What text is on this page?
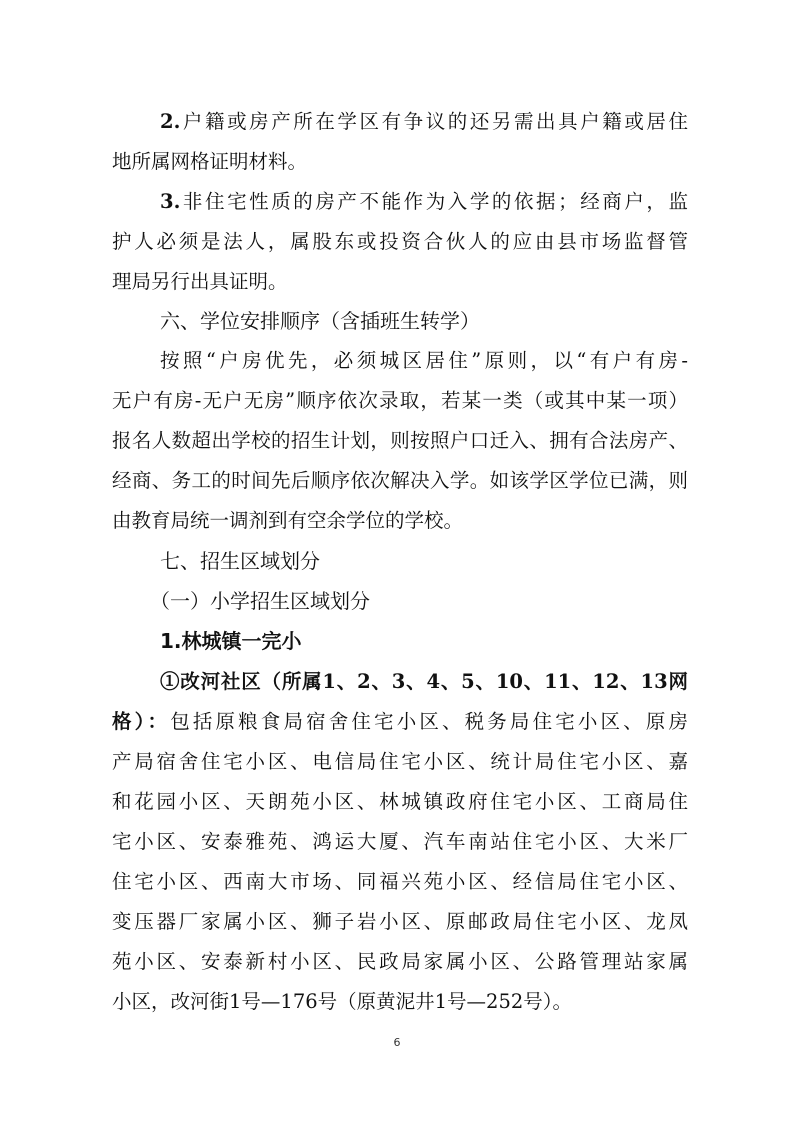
2.户籍或房产所在学区有争议的还另需出具户籍或居住
地所属网格证明材料。
3.非住宅性质的房产不能作为入学的依据；经商户，监
护人必须是法人，属股东或投资合伙人的应由县市场监督管
理局另行出具证明。
六、学位安排顺序（含插班生转学）
按照“户房优先，必须城区居住”原则，以“有户有房-
无户有房-无户无房”顺序依次录取，若某一类（或其中某一项）
报名人数超出学校的招生计划，则按照户口迁入、拥有合法房产、
经商、务工的时间先后顺序依次解决入学。如该学区学位已满，则
由教育局统一调剂到有空余学位的学校。
七、招生区域划分
（一）小学招生区域划分
1.林城镇一完小
①改河社区（所属1、2、3、4、5、10、11、12、13网
格）：包括原粮食局宿舍住宅小区、税务局住宅小区、原房
产局宿舍住宅小区、电信局住宅小区、统计局住宅小区、嘉
和花园小区、天朗苑小区、林城镇政府住宅小区、工商局住
宅小区、安泰雅苑、鸿运大厦、汽车南站住宅小区、大米厂
住宅小区、西南大市场、同福兴苑小区、经信局住宅小区、
变压器厂家属小区、狮子岩小区、原邮政局住宅小区、龙凤
苑小区、安泰新村小区、民政局家属小区、公路管理站家属
小区，改河街1号—176号（原黄泥井1号—252号）。
6
